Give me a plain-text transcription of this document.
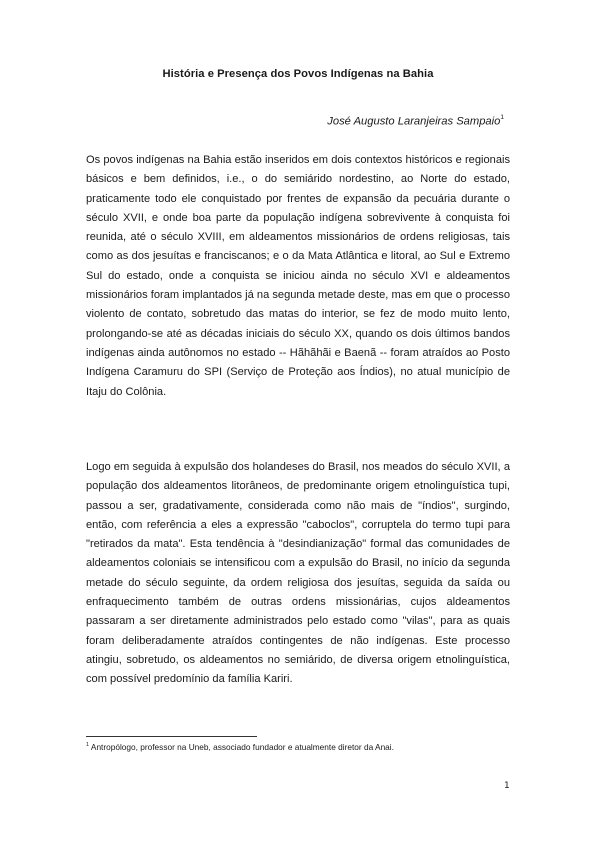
História e Presença dos Povos Indígenas na Bahia
José Augusto Laranjeiras Sampaio$^1$

Os povos indígenas na Bahia estão inseridos em dois contextos históricos e regionais básicos e bem definidos, i.e., o do semiárido nordestino, ao Norte do estado, praticamente todo ele conquistado por frentes de expansão da pecuária durante o século XVII, e onde boa parte da população indígena sobrevivente à conquista foi reunida, até o século XVIII, em aldeamentos missionários de ordens religiosas, tais como as dos jesuítas e franciscanos; e o da Mata Atlântica e litoral, ao Sul e Extremo Sul do estado, onde a conquista se iniciou ainda no século XVI e aldeamentos missionários foram implantados já na segunda metade deste, mas em que o processo violento de contato, sobretudo das matas do interior, se fez de modo muito lento, prolongando-se até as décadas iniciais do século XX, quando os dois últimos bandos indígenas ainda autônomos no estado -- Hãhãhãi e Baenã -- foram atraídos ao Posto Indígena Caramuru do SPI (Serviço de Proteção aos Índios), no atual município de Itaju do Colônia.

Logo em seguida à expulsão dos holandeses do Brasil, nos meados do século XVII, a população dos aldeamentos litorâneos, de predominante origem etnolinguística tupi, passou a ser, gradativamente, considerada como não mais de "índios", surgindo, então, com referência a eles a expressão "caboclos", corruptela do termo tupi para "retirados da mata". Esta tendência à "desindianização" formal das comunidades de aldeamentos coloniais se intensificou com a expulsão do Brasil, no início da segunda metade do século seguinte, da ordem religiosa dos jesuítas, seguida da saída ou enfraquecimento também de outras ordens missionárias, cujos aldeamentos passaram a ser diretamente administrados pelo estado como "vilas", para as quais foram deliberadamente atraídos contingentes de não indígenas. Este processo atingiu, sobretudo, os aldeamentos no semiárido, de diversa origem etnolinguística, com possível predomínio da família Kariri.

$^1$ Antropólogo, professor na Uneb, associado fundador e atualmente diretor da Anai.
1
